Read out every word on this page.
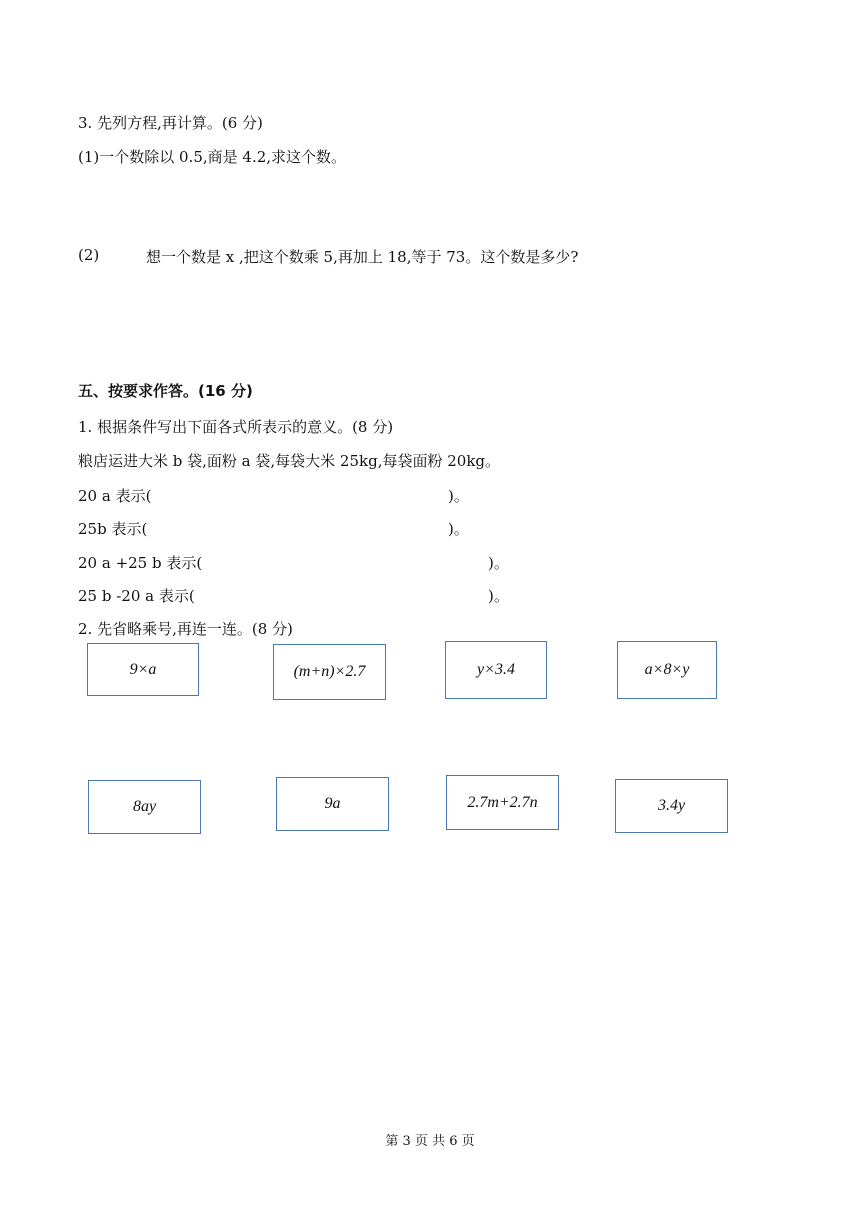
3. 先列方程,再计算。(6 分)
(1)一个数除以 0.5,商是 4.2,求这个数。
(2)	想一个数是 x ,把这个数乘 5,再加上 18,等于 73。这个数是多少?
五、按要求作答。(16 分)
1. 根据条件写出下面各式所表示的意义。(8 分)
粮店运进大米 b 袋,面粉 a 袋,每袋大米 25kg,每袋面粉 20kg。
20 a 表示(	)。
25b 表示(	)。
20 a +25 b 表示(	)。
25 b -20 a 表示(	)。
2. 先省略乘号,再连一连。(8 分)
9×a	(m+n)×2.7	y×3.4	a×8×y
8ay	9a	2.7m+2.7n	3.4y
第 3 页 共 6 页
